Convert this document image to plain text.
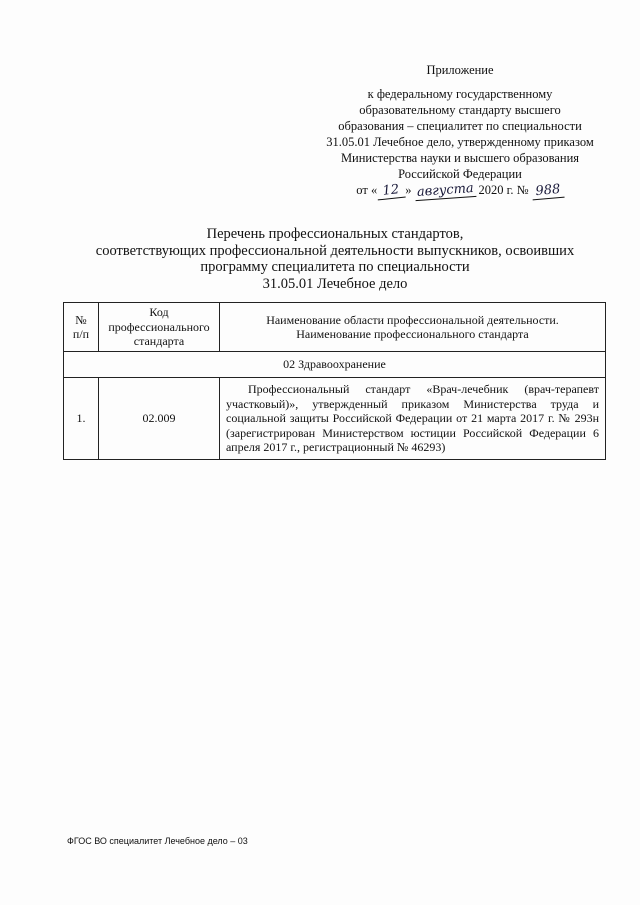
Приложение
к федеральному государственному
образовательному стандарту высшего
образования – специалитет по специальности
31.05.01 Лечебное дело, утвержденному приказом
Министерства науки и высшего образования
Российской Федерации
от « 12 » августа 2020 г. № 988
Перечень профессиональных стандартов,
соответствующих профессиональной деятельности выпускников, освоивших
программу специалитета по специальности
31.05.01 Лечебное дело
№ п/п	Код профессионального стандарта	Наименование области профессиональной деятельности.
Наименование профессионального стандарта

02 Здравоохранение		
1.	02.009	Профессиональный стандарт «Врач-лечебник (врач-терапевт участковый)», утвержденный приказом Министерства труда и социальной защиты Российской Федерации от 21 марта 2017 г. № 293н (зарегистрирован Министерством юстиции Российской Федерации 6 апреля 2017 г., регистрационный № 46293)
ФГОС ВО специалитет Лечебное дело – 03
